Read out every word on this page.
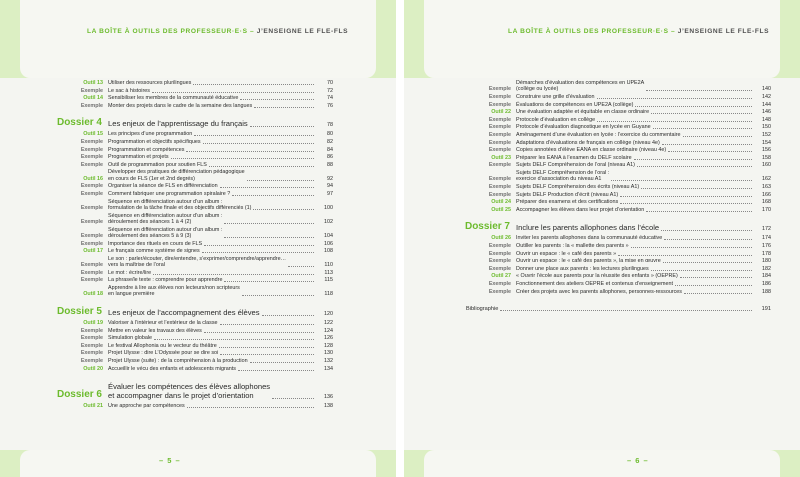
LA BOÎTE À OUTILS DES PROFESSEUR·E·S – J’ENSEIGNE LE FLE-FLS
Outil 13 Utiliser des ressources plurilingues	70
Exemple Le sac à histoires	72
Outil 14 Sensibiliser les membres de la communauté éducative	74
Exemple Monter des projets dans le cadre de la semaine des langues	76
Dossier 4 Les enjeux de l’apprentissage du français	78
Outil 15 Les principes d’une programmation	80
Exemple Programmation et objectifs spécifiques	82
Exemple Programmation et compétences	84
Exemple Programmation et projets	86
Exemple Outil de programmation pour soutien FLS	88
Outil 16
Développer des pratiques de différenciation pédagogique
en cours de FLS (1er et 2nd degrés)	92
Exemple Organiser la séance de FLS en différenciation	94
Exemple Comment fabriquer une programmation spiralaire ?	97
Exemple
Séquence en différenciation autour d’un album :
formulation de la tâche finale et des objectifs différenciés (1)	100
Exemple
Séquence en différenciation autour d’un album :
déroulement des séances 1 à 4 (2)	102
Exemple
Séquence en différenciation autour d’un album :
déroulement des séances 5 à 9 (3)	104
Exemple Importance des rituels en cours de FLS	106
Outil 17 Le français comme système de signes	108
Exemple
Le son : parler/écouter, dire/entendre, s’exprimer/comprendre/apprendre…
vers la maîtrise de l’oral	110
Exemple Le mot : écrire/lire	113
Exemple La phrase/le texte : comprendre pour apprendre	115
Outil 18
Apprendre à lire aux élèves non lecteurs/non scripteurs
en langue première	118
Dossier 5 Les enjeux de l’accompagnement des élèves	120
Outil 19 Valoriser à l’intérieur et l’extérieur de la classe	122
Exemple Mettre en valeur les travaux des élèves	124
Exemple Simulation globale	126
Exemple Le festival Allophonia ou le vecteur du théâtre	128
Exemple Projet Ulysse : dire L’Odyssée pour se dire soi	130
Exemple Projet Ulysse (suite) : de la compréhension à la production	132
Outil 20 Accueillir le vécu des enfants et adolescents migrants	134
Dossier 6
Évaluer les compétences des élèves allophones
et accompagner dans le projet d’orientation	136
Outil 21 Une approche par compétences	138
– 5 –
LA BOÎTE À OUTILS DES PROFESSEUR·E·S – J’ENSEIGNE LE FLE-FLS
Exemple
Démarches d’évaluation des compétences en UPE2A
(collège ou lycée)	140
Exemple Construire une grille d’évaluation	142
Exemple Évaluations de compétences en UPE2A (collège)	144
Outil 22 Une évaluation adaptée et équitable en classe ordinaire	146
Exemple Protocole d’évaluation en collège	148
Exemple Protocole d’évaluation diagnostique en lycée en Guyane	150
Exemple Aménagement d’une évaluation en lycée : l’exercice du commentaire	152
Exemple Adaptations d’évaluations de français en collège (niveau 4e)	154
Exemple Copies annotées d’élève EANA en classe ordinaire (niveau 4e)	156
Outil 23 Préparer les EANA à l’examen du DELF scolaire	158
Exemple Sujets DELF Compréhension de l’oral (niveau A1)	160
Exemple
Sujets DELF Compréhension de l’oral :
exercice d’association du niveau A1	162
Exemple Sujets DELF Compréhension des écrits (niveau A1)	163
Exemple Sujets DELF Production d’écrit (niveau A1)	166
Outil 24 Préparer des examens et des certifications	168
Outil 25 Accompagner les élèves dans leur projet d’orientation	170
Dossier 7 Inclure les parents allophones dans l’école	172
Outil 26 Inviter les parents allophones dans la communauté éducative	174
Exemple Outiller les parents : la « mallette des parents »	176
Exemple Ouvrir un espace : le « café des parents »	178
Exemple Ouvrir un espace : le « café des parents », la mise en œuvre	180
Exemple Donner une place aux parents : les lectures plurilingues	182
Outil 27 « Ouvrir l’école aux parents pour la réussite des enfants » (OEPRE)	184
Exemple Fonctionnement des ateliers OEPRE et contenus d’enseignement	186
Exemple Créer des projets avec les parents allophones, personnes-ressources	188
Bibliographie	191
– 6 –
